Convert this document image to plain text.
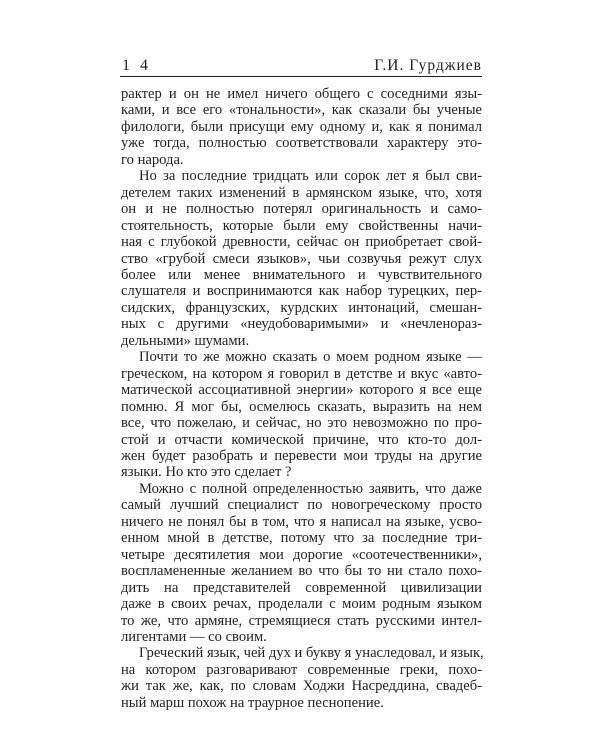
1 4	Г.И. Гурджиев
рактер и он не имел ничего общего с соседними язы-
ками, и все его «тональности», как сказали бы ученые
филологи, были присущи ему одному и, как я понимал
уже тогда, полностью соответствовали характеру это-
го народа.
Но за последние тридцать или сорок лет я был сви-
детелем таких изменений в армянском языке, что, хотя
он и не полностью потерял оригинальность и само-
стоятельность, которые были ему свойственны начи-
ная с глубокой древности, сейчас он приобретает свой-
ство «грубой смеси языков», чьи созвучья режут слух
более или менее внимательного и чувствительного
слушателя и воспринимаются как набор турецких, пер-
сидских, французских, курдских интонаций, смешан-
ных с другими «неудобоваримыми» и «нечленораз-
дельными» шумами.
Почти то же можно сказать о моем родном языке —
греческом, на котором я говорил в детстве и вкус «авто-
матической ассоциативной энергии» которого я все еще
помню. Я мог бы, осмелюсь сказать, выразить на нем
все, что пожелаю, и сейчас, но это невозможно по про-
стой и отчасти комической причине, что кто-то дол-
жен будет разобрать и перевести мои труды на другие
языки. Но кто это сделает ?
Можно с полной определенностью заявить, что даже
самый лучший специалист по новогреческому просто
ничего не понял бы в том, что я написал на языке, усво-
енном мной в детстве, потому что за последние три-
четыре десятилетия мои дорогие «соотечественники»,
воспламененные желанием во что бы то ни стало похо-
дить на представителей современной цивилизации
даже в своих речах, проделали с моим родным языком
то же, что армяне, стремящиеся стать русскими интел-
лигентами — со своим.
Греческий язык, чей дух и букву я унаследовал, и язык,
на котором разговаривают современные греки, похо-
жи так же, как, по словам Ходжи Насреддина, свадеб-
ный марш похож на траурное песнопение.
